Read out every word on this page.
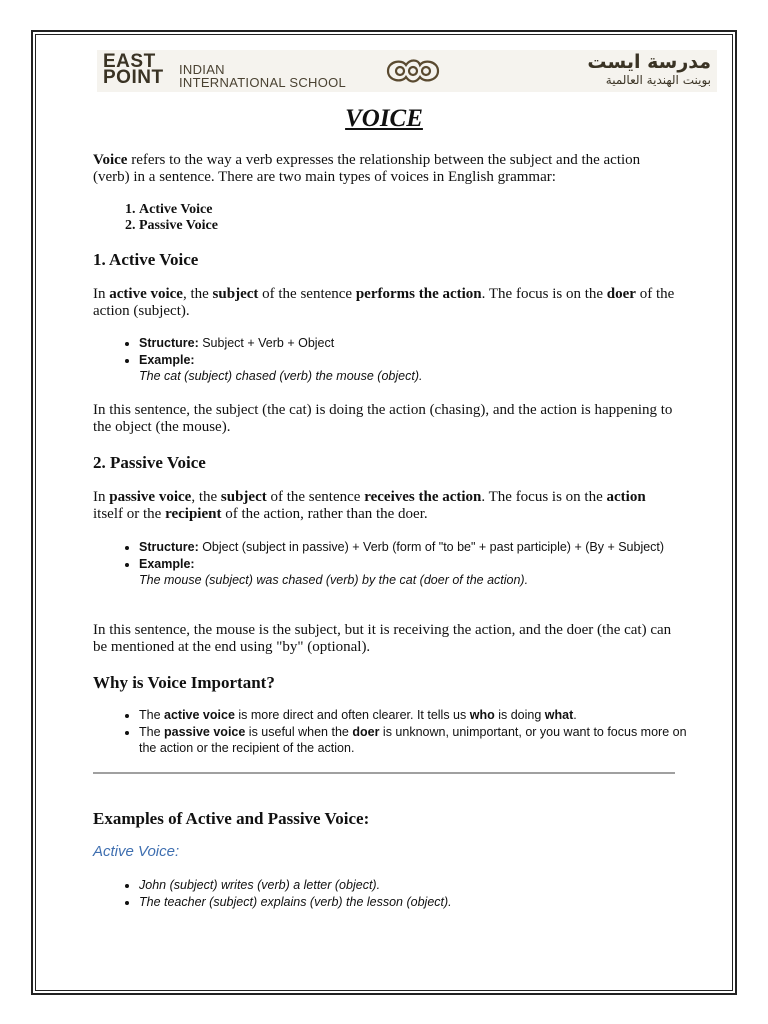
EAST
POINT INDIAN
INTERNATIONAL SCHOOL
مدرسة ايست
بوينت الهندية العالمية
VOICE

Voice refers to the way a verb expresses the relationship between the subject and the action (verb) in a sentence. There are two main types of voices in English grammar:

1. Active Voice
2. Passive Voice
1. Active Voice

In active voice, the subject of the sentence performs the action. The focus is on the doer of the action (subject).

• Structure: Subject + Verb + Object
• Example:
The cat (subject) chased (verb) the mouse (object).

In this sentence, the subject (the cat) is doing the action (chasing), and the action is happening to the object (the mouse).

2. Passive Voice

In passive voice, the subject of the sentence receives the action. The focus is on the action itself or the recipient of the action, rather than the doer.

• Structure: Object (subject in passive) + Verb (form of "to be" + past participle) + (By + Subject)
• Example:
The mouse (subject) was chased (verb) by the cat (doer of the action).

In this sentence, the mouse is the subject, but it is receiving the action, and the doer (the cat) can be mentioned at the end using "by" (optional).

Why is Voice Important?
• The active voice is more direct and often clearer. It tells us who is doing what.
• The passive voice is useful when the doer is unknown, unimportant, or you want to focus more on the action or the recipient of the action.
Examples of Active and Passive Voice:
Active Voice:
• John (subject) writes (verb) a letter (object).
• The teacher (subject) explains (verb) the lesson (object).
